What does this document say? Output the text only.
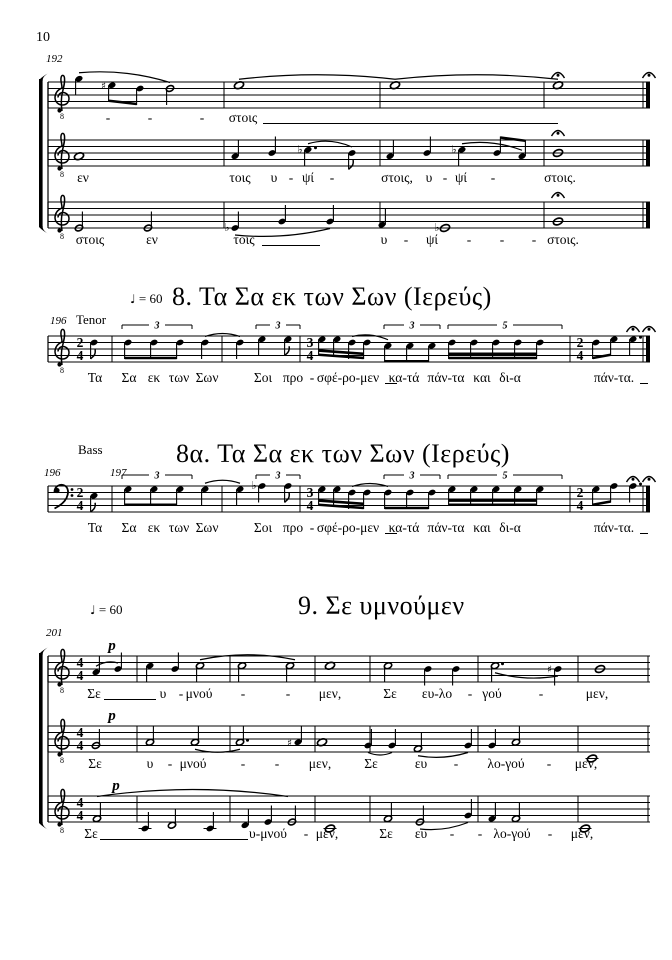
10
192
8
♯
-	-	- στοις
8
♭	♭
εν	τοις υ - ψί -	στοις, υ - ψί -	στοις.
8
♭	♭
στοις	εν	τοις	υ - ψί - - - στοις.
♩ = 60 8. Τα Σα εκ των Σων (Ιερεύς)
196 Tenor
8
2
4
3
4
2
4
3	3	3	5
Τα Σα εκ των Σων	Σοι προ - σφέ-ρο-μεν κα-τά πάν-τα και δι-α	πάν-τα.
Bass	8α. Τα Σα εκ των Σων (Ιερεύς)
196	197
2
4
3
4
2
4
♭
3	3	3	5
Τα Σα εκ των Σων	Σοι προ - σφέ-ρο-μεν κα-τά πάν-τα και δι-α	πάν-τα.
♩ = 60	9. Σε υμνούμεν
201
8
4
4	♯
p
Σε	υ - μνού -	- μεν,	Σε ευ-λο - γού	-	μεν,
8
4
4	♯
p
Σε	υ - μνού	- - μεν, Σε	ευ - λο-γού - μεν,
8
4
4
p
Σε	υ-μνού - μεν,	Σε ευ - - λο-γού - μεν,
